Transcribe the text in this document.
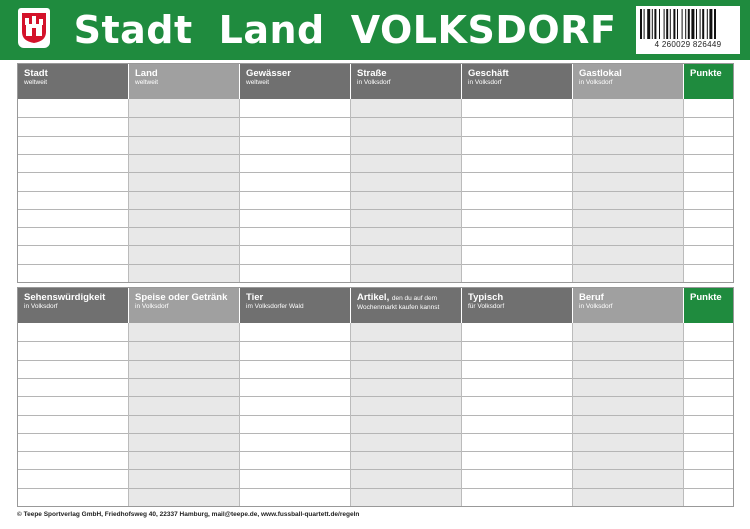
Stadt Land VOLKSDORF	4 260029 826449
Stadt
weltweit
Land
weltweit
Gewässer
weltweit
Straße
in Volksdorf
Geschäft
in Volksdorf
Gastlokal
in Volksdorf
Punkte
Sehenswürdigkeit
in Volksdorf
Speise oder Getränk
in Volksdorf
Tier
im Volksdorfer Wald
Artikel, den du auf dem
Wochenmarkt kaufen kannst
Typisch
für Volksdorf
Beruf
in Volksdorf
Punkte
© Teepe Sportverlag GmbH, Friedhofsweg 40, 22337 Hamburg, mail@teepe.de, www.fussball-quartett.de/regeln
